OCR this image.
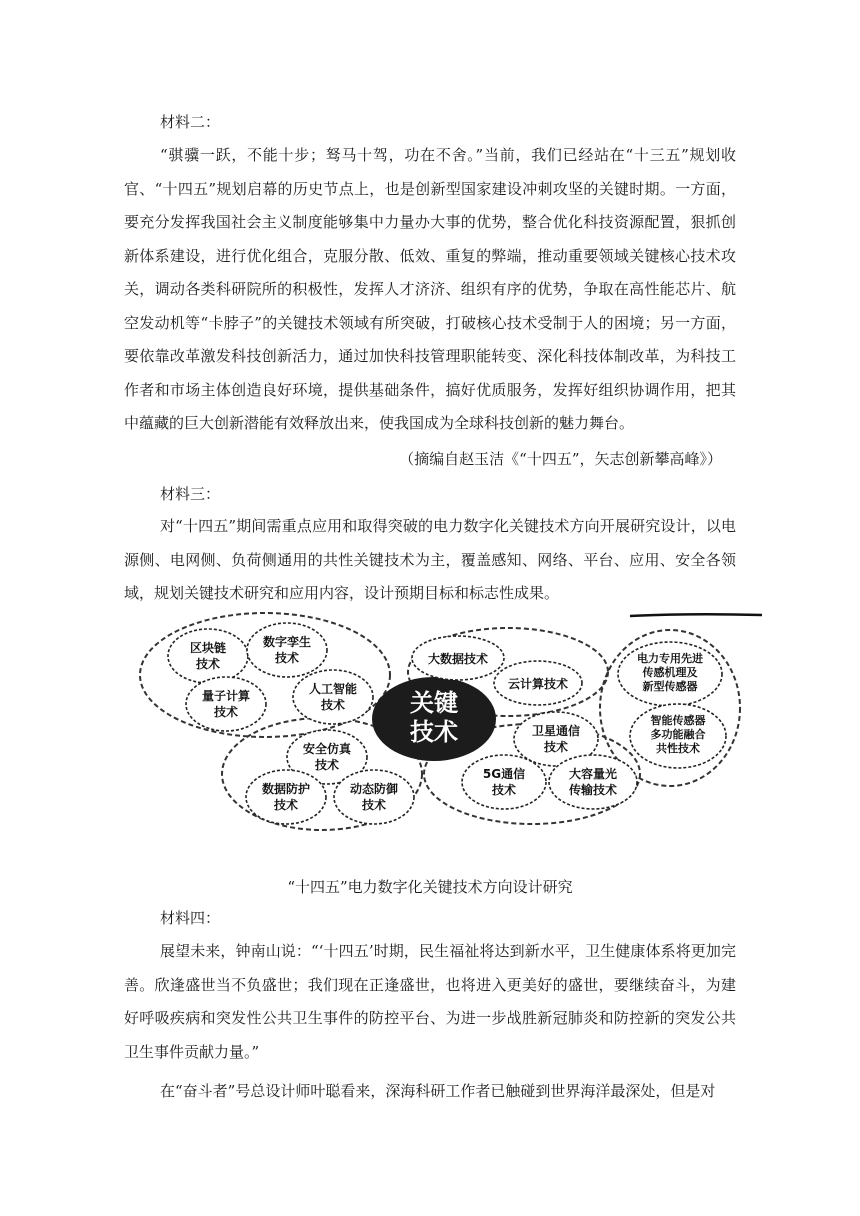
材料二：

“骐骥一跃，不能十步；驽马十驾，功在不舍。”当前，我们已经站在“十三五”规划收官、“十四五”规划启幕的历史节点上，也是创新型国家建设冲刺攻坚的关键时期。一方面，要充分发挥我国社会主义制度能够集中力量办大事的优势，整合优化科技资源配置，狠抓创新体系建设，进行优化组合，克服分散、低效、重复的弊端，推动重要领域关键核心技术攻关，调动各类科研院所的积极性，发挥人才济济、组织有序的优势，争取在高性能芯片、航空发动机等“卡脖子”的关键技术领域有所突破，打破核心技术受制于人的困境；另一方面，要依靠改革激发科技创新活力，通过加快科技管理职能转变、深化科技体制改革，为科技工作者和市场主体创造良好环境，提供基础条件，搞好优质服务，发挥好组织协调作用，把其中蕴藏的巨大创新潜能有效释放出来，使我国成为全球科技创新的魅力舞台。

（摘编自赵玉洁《“十四五”，矢志创新攀高峰》）
材料三：

对“十四五”期间需重点应用和取得突破的电力数字化关键技术方向开展研究设计，以电源侧、电网侧、负荷侧通用的共性关键技术为主，覆盖感知、网络、平台、应用、安全各领域，规划关键技术研究和应用内容，设计预期目标和标志性成果。

关键
技术
区块链
技术
数字孪生
技术
量子计算
技术
人工智能
技术
大数据技术
云计算技术
电力专用先进
传感机理及
新型传感器
智能传感器
多功能融合
共性技术
卫星通信
技术
5G通信
技术
大容量光
传输技术
安全仿真
技术
数据防护
技术
动态防御
技术
“十四五”电力数字化关键技术方向设计研究
材料四：

展望未来，钟南山说：“‘十四五’时期，民生福祉将达到新水平，卫生健康体系将更加完善。欣逢盛世当不负盛世；我们现在正逢盛世，也将进入更美好的盛世，要继续奋斗，为建好呼吸疾病和突发性公共卫生事件的防控平台、为进一步战胜新冠肺炎和防控新的突发公共卫生事件贡献力量。”

在“奋斗者”号总设计师叶聪看来，深海科研工作者已触碰到世界海洋最深处，但是对
